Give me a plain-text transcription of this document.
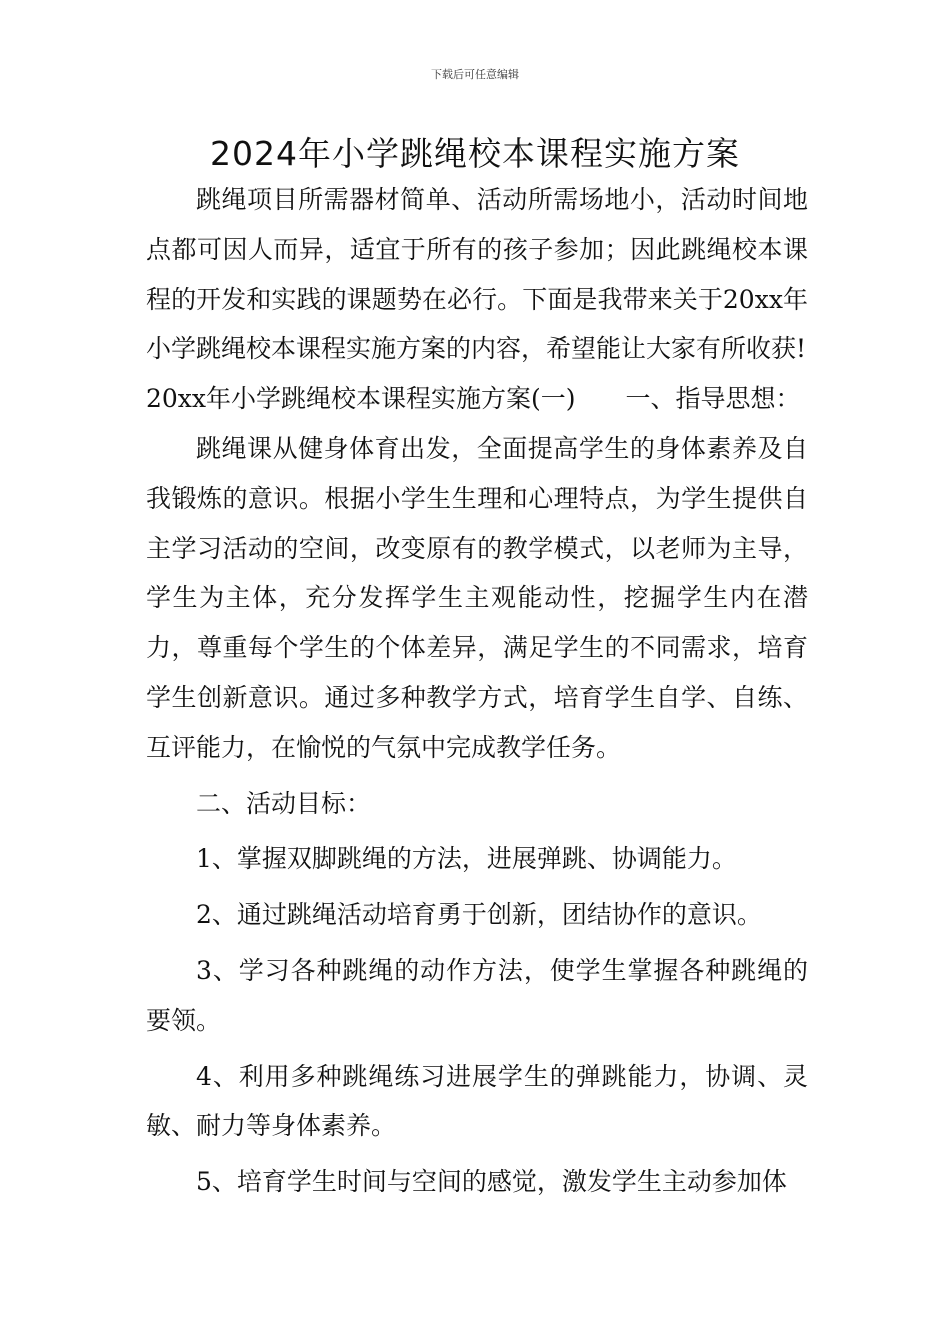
下载后可任意编辑
2024年小学跳绳校本课程实施方案

跳绳项目所需器材简单、活动所需场地小，活动时间地点都可因人而异，适宜于所有的孩子参加；因此跳绳校本课程的开发和实践的课题势在必行。下面是我带来关于20xx年小学跳绳校本课程实施方案的内容，希望能让大家有所收获!

20xx年小学跳绳校本课程实施方案(一)　　一、指导思想：

跳绳课从健身体育出发，全面提高学生的身体素养及自我锻炼的意识。根据小学生生理和心理特点，为学生提供自主学习活动的空间，改变原有的教学模式，以老师为主导，学生为主体，充分发挥学生主观能动性，挖掘学生内在潜力，尊重每个学生的个体差异，满足学生的不同需求，培育学生创新意识。通过多种教学方式，培育学生自学、自练、互评能力，在愉悦的气氛中完成教学任务。

二、活动目标：

1、掌握双脚跳绳的方法，进展弹跳、协调能力。

2、通过跳绳活动培育勇于创新，团结协作的意识。

3、学习各种跳绳的动作方法，使学生掌握各种跳绳的要领。

4、利用多种跳绳练习进展学生的弹跳能力，协调、灵敏、耐力等身体素养。

5、培育学生时间与空间的感觉，激发学生主动参加体
